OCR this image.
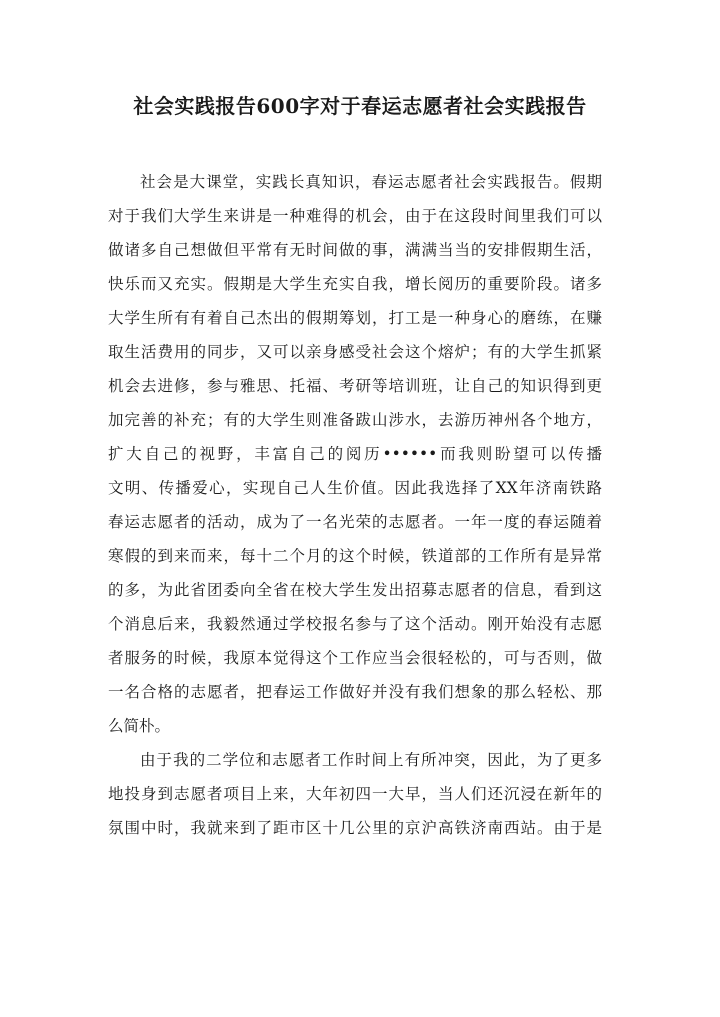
社会实践报告600字对于春运志愿者社会实践报告
社会是大课堂，实践长真知识，春运志愿者社会实践报告。假期
对于我们大学生来讲是一种难得的机会，由于在这段时间里我们可以
做诸多自己想做但平常有无时间做的事，满满当当的安排假期生活，
快乐而又充实。假期是大学生充实自我，增长阅历的重要阶段。诸多
大学生所有有着自己杰出的假期筹划，打工是一种身心的磨练，在赚
取生活费用的同步，又可以亲身感受社会这个熔炉；有的大学生抓紧
机会去进修，参与雅思、托福、考研等培训班，让自己的知识得到更
加完善的补充；有的大学生则准备跋山涉水，去游历神州各个地方，
扩大自己的视野，丰富自己的阅历••••••而我则盼望可以传播
文明、传播爱心，实现自己人生价值。因此我选择了XX年济南铁路
春运志愿者的活动，成为了一名光荣的志愿者。一年一度的春运随着
寒假的到来而来，每十二个月的这个时候，铁道部的工作所有是异常
的多，为此省团委向全省在校大学生发出招募志愿者的信息，看到这
个消息后来，我毅然通过学校报名参与了这个活动。刚开始没有志愿
者服务的时候，我原本觉得这个工作应当会很轻松的，可与否则，做
一名合格的志愿者，把春运工作做好并没有我们想象的那么轻松、那
么简朴。
由于我的二学位和志愿者工作时间上有所冲突，因此，为了更多
地投身到志愿者项目上来，大年初四一大早，当人们还沉浸在新年的
氛围中时，我就来到了距市区十几公里的京沪高铁济南西站。由于是
